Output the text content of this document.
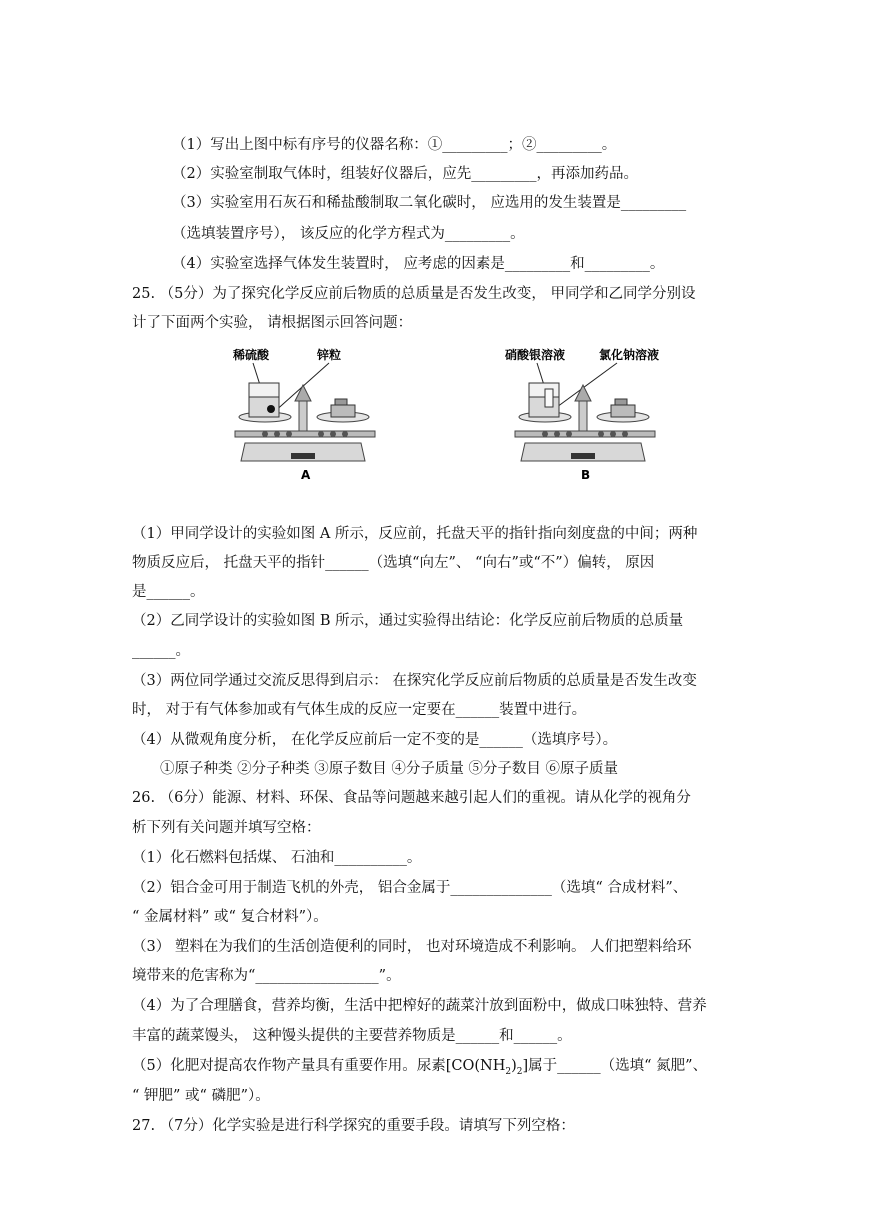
（1）写出上图中标有序号的仪器名称：①_________；②_________。
（2）实验室制取气体时，组装好仪器后，应先_________，再添加药品。
（3）实验室用石灰石和稀盐酸制取二氧化碳时， 应选用的发生装置是_________
（选填装置序号）， 该反应的化学方程式为_________。
（4）实验室选择气体发生装置时， 应考虑的因素是_________和_________。
25. （5分）为了探究化学反应前后物质的总质量是否发生改变， 甲同学和乙同学分别设
计了下面两个实验， 请根据图示回答问题：
稀硫酸	锌粒
A
硝酸银溶液	氯化钠溶液
B
（1）甲同学设计的实验如图 A 所示，反应前，托盘天平的指针指向刻度盘的中间；两种
物质反应后， 托盘天平的指针______（选填“向左”、 “向右”或“不”）偏转， 原因
是______。
（2）乙同学设计的实验如图 B 所示，通过实验得出结论：化学反应前后物质的总质量
______。
（3）两位同学通过交流反思得到启示： 在探究化学反应前后物质的总质量是否发生改变
时， 对于有气体参加或有气体生成的反应一定要在______装置中进行。
（4）从微观角度分析， 在化学反应前后一定不变的是______（选填序号）。
①原子种类 ②分子种类 ③原子数目 ④分子质量 ⑤分子数目 ⑥原子质量
26. （6分）能源、材料、环保、食品等问题越来越引起人们的重视。请从化学的视角分
析下列有关问题并填写空格：
（1）化石燃料包括煤、 石油和__________。
（2）铝合金可用于制造飞机的外壳， 铝合金属于______________（选填“ 合成材料”、
“ 金属材料” 或“ 复合材料”）。
（3） 塑料在为我们的生活创造便利的同时， 也对环境造成不利影响。 人们把塑料给环
境带来的危害称为“_________________”。
（4）为了合理膳食，营养均衡，生活中把榨好的蔬菜汁放到面粉中，做成口味独特、营养
丰富的蔬菜馒头， 这种馒头提供的主要营养物质是______和______。
（5）化肥对提高农作物产量具有重要作用。尿素$[CO(NH_2)_2]$属于______（选填“ 氮肥”、
“ 钾肥” 或“ 磷肥”）。
27. （7分）化学实验是进行科学探究的重要手段。请填写下列空格：
